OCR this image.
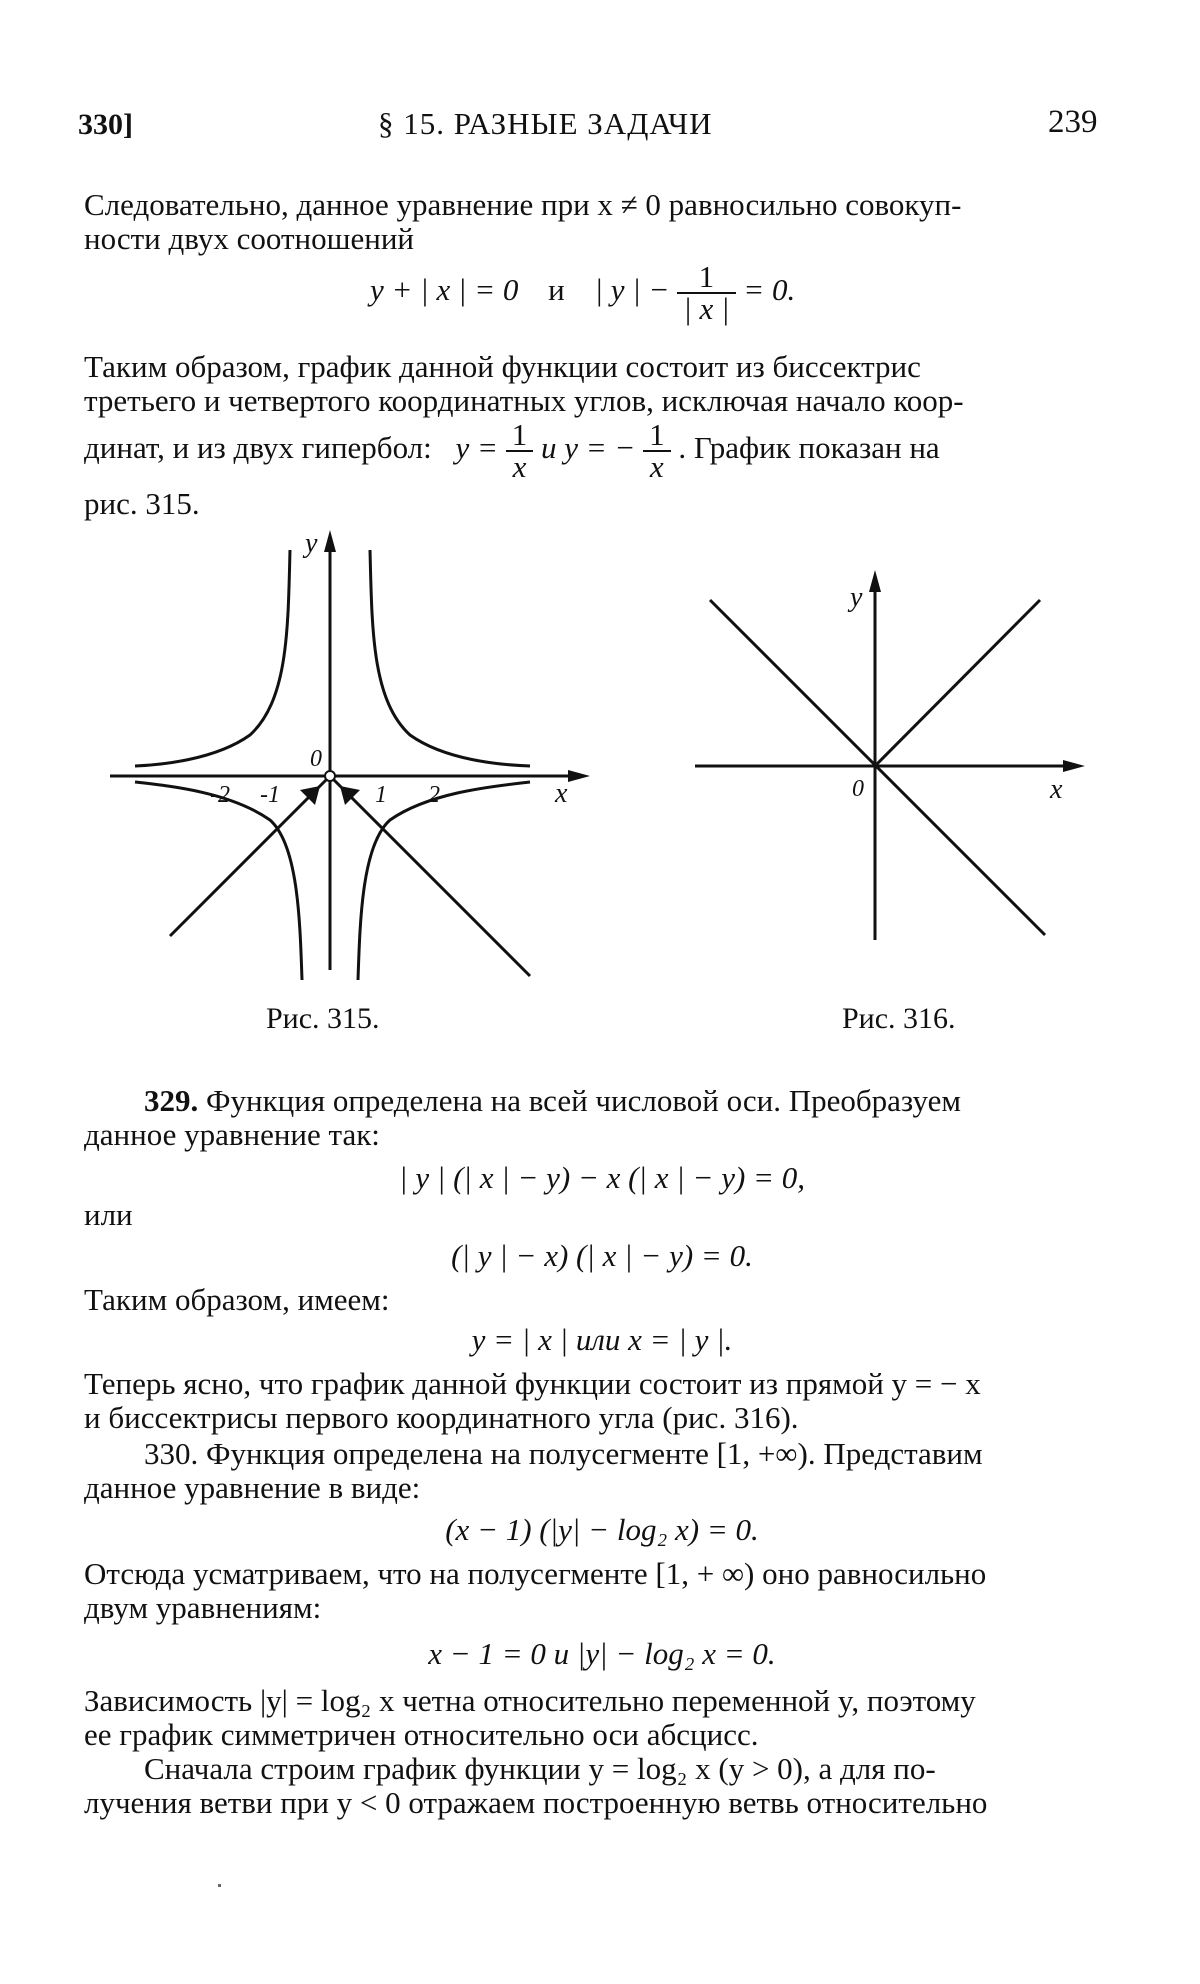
330]	§ 15. РАЗНЫЕ ЗАДАЧИ	239
Следовательно, данное уравнение при x ≠ 0 равносильно совокуп-
ности двух соотношений
y + | x | = 0 и | y | − $\frac{1}{| x |} = 0$.
Таким образом, график данной функции состоит из биссектрис
третьего и четвертого координатных углов, исключая начало коор-
динат, и из двух гипербол: $y = \frac{1}{x}$ и y = − $\frac{1}{x}$ . График показан на
рис. 315.
y
x
0
-2 -1	1 2
Рис. 315.
y
x
0
Рис. 316.
329. Функция определена на всей числовой оси. Преобразуем
данное уравнение так:
| y | (| x | − y) − x (| x | − y) = 0,
или
(| y | − x) (| x | − y) = 0.
Таким образом, имеем:
y = | x | или x = | y |.
Теперь ясно, что график данной функции состоит из прямой y = − x
и биссектрисы первого координатного угла (рис. 316).
330. Функция определена на полусегменте [1, +∞). Представим
данное уравнение в виде:
(x − 1) (|y| − log₂ x) = 0.
Отсюда усматриваем, что на полусегменте [1, + ∞) оно равносильно
двум уравнениям:
x − 1 = 0 и |y| − log₂ x = 0.
Зависимость |y| = log₂ x четна относительно переменной y, поэтому
ее график симметричен относительно оси абсцисс.
Сначала строим график функции y = log₂ x (y > 0), а для по-
лучения ветви при y < 0 отражаем построенную ветвь относительно
